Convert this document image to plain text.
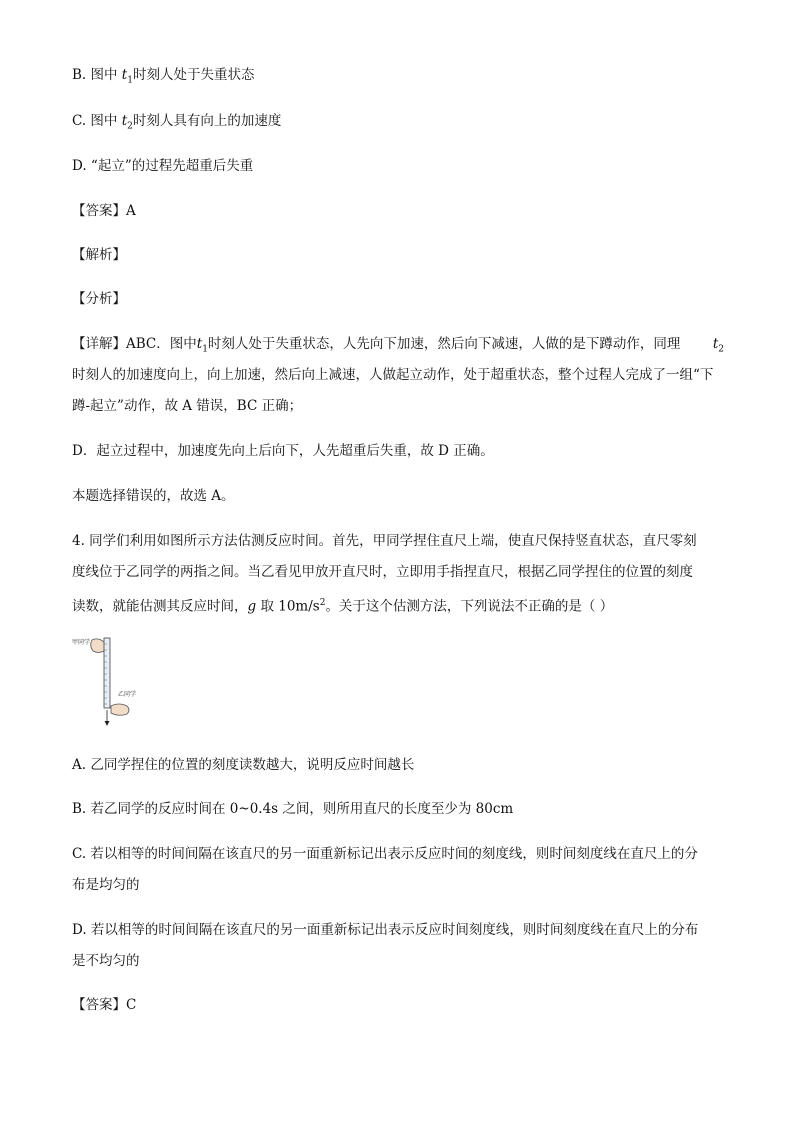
B. 图中 $t_1$时刻人处于失重状态
C. 图中 $t_2$时刻人具有向上的加速度
D. “起立”的过程先超重后失重
【答案】A
【解析】
【分析】
【详解】ABC．图中$t_1$时刻人处于失重状态，人先向下加速，然后向下减速，人做的是下蹲动作，同理 $t_2$
时刻人的加速度向上，向上加速，然后向上减速，人做起立动作，处于超重状态，整个过程人完成了一组“下
蹲-起立”动作，故 A 错误，BC 正确；
D．起立过程中，加速度先向上后向下，人先超重后失重，故 D 正确。
本题选择错误的，故选 A。
4. 同学们利用如图所示方法估测反应时间。首先，甲同学捏住直尺上端，使直尺保持竖直状态，直尺零刻
度线位于乙同学的两指之间。当乙看见甲放开直尺时，立即用手指捏直尺，根据乙同学捏住的位置的刻度
读数，就能估测其反应时间，g 取 $10m/s^2$。关于这个估测方法，下列说法不正确的是（ ）
甲同学
乙同学
A. 乙同学捏住的位置的刻度读数越大，说明反应时间越长
B. 若乙同学的反应时间在 0~0.4s 之间，则所用直尺的长度至少为 80cm
C. 若以相等的时间间隔在该直尺的另一面重新标记出表示反应时间的刻度线，则时间刻度线在直尺上的分
布是均匀的
D. 若以相等的时间间隔在该直尺的另一面重新标记出表示反应时间刻度线，则时间刻度线在直尺上的分布
是不均匀的
【答案】C
